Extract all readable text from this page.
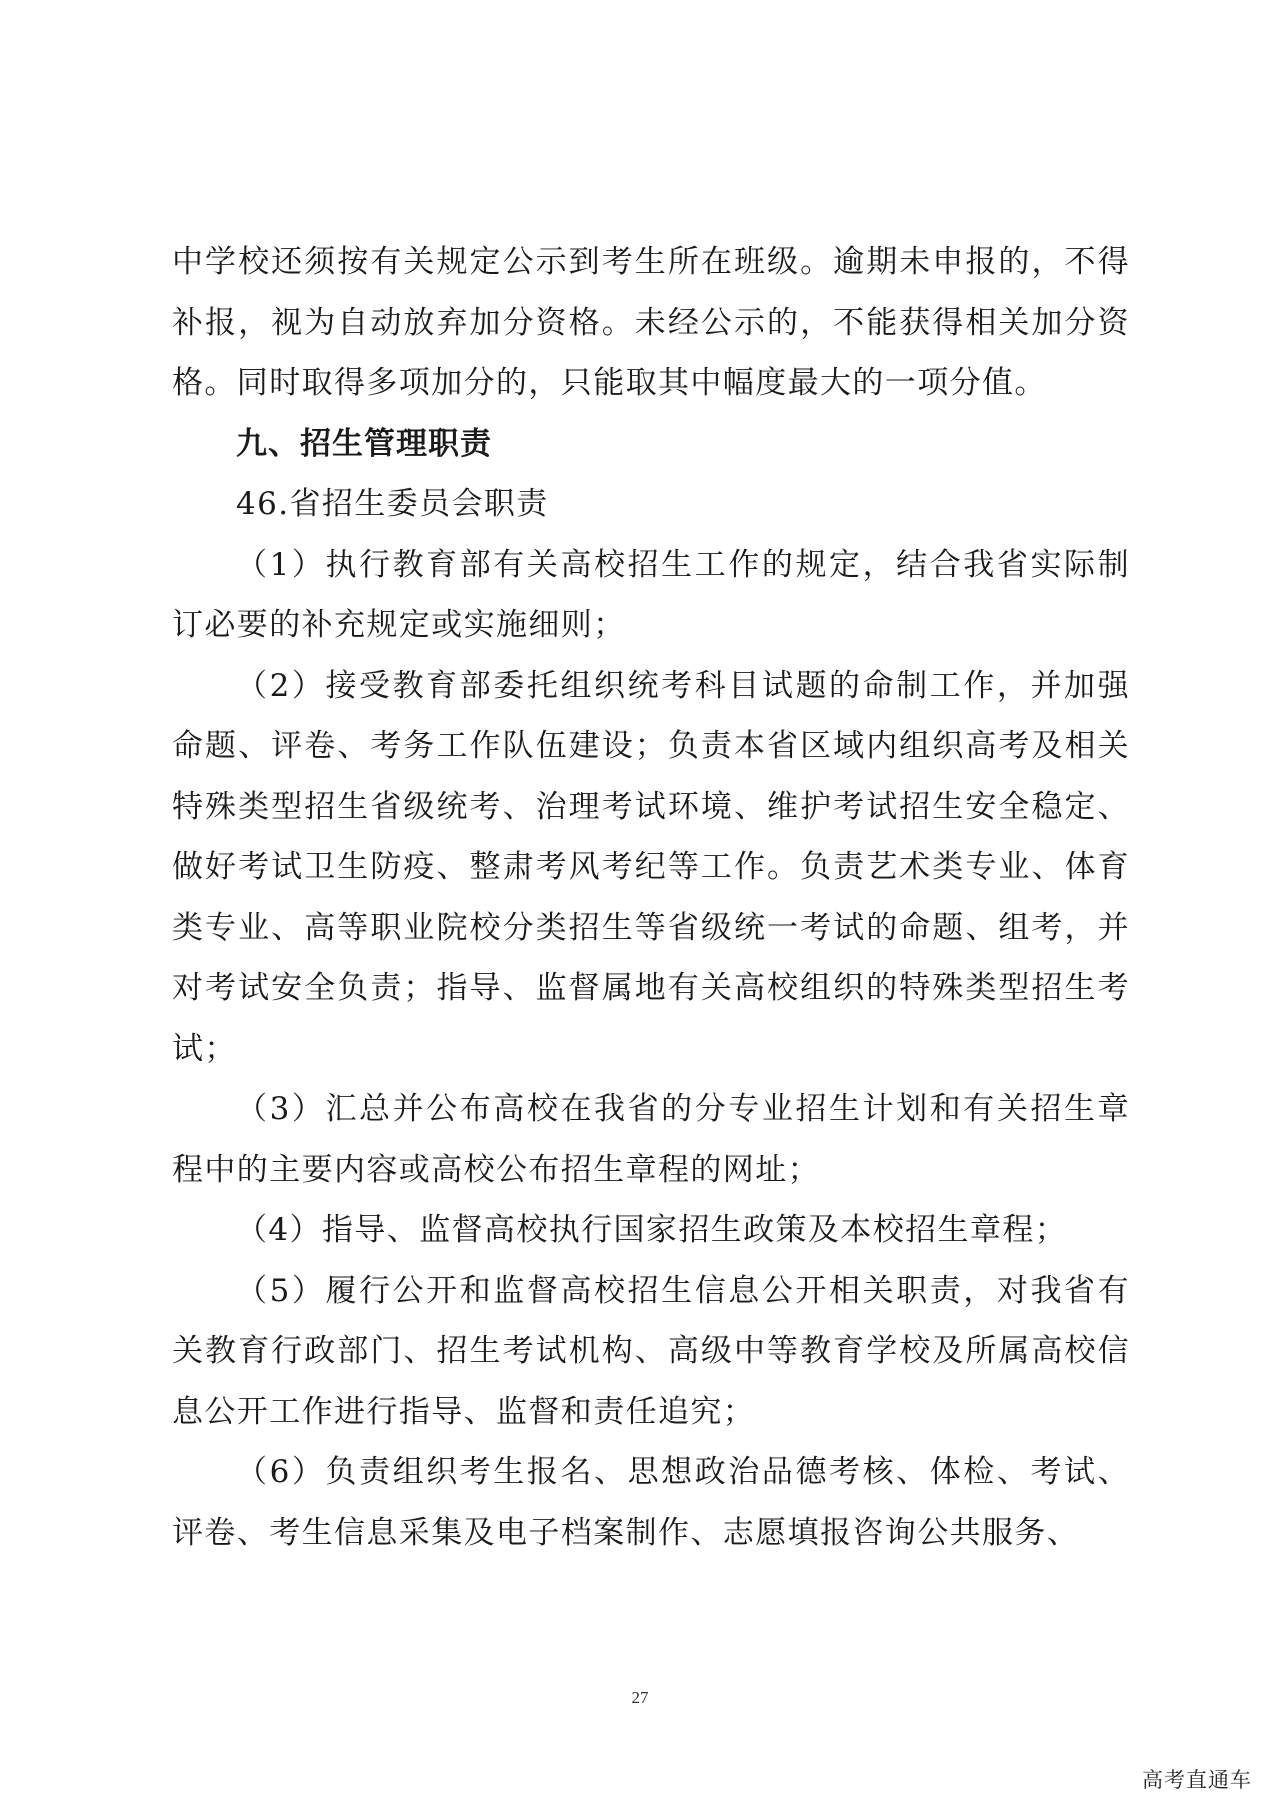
中学校还须按有关规定公示到考生所在班级。逾期未申报的，不得补报，视为自动放弃加分资格。未经公示的，不能获得相关加分资格。同时取得多项加分的，只能取其中幅度最大的一项分值。

九、招生管理职责

46.省招生委员会职责

（1）执行教育部有关高校招生工作的规定，结合我省实际制订必要的补充规定或实施细则；

（2）接受教育部委托组织统考科目试题的命制工作，并加强命题、评卷、考务工作队伍建设；负责本省区域内组织高考及相关特殊类型招生省级统考、治理考试环境、维护考试招生安全稳定、做好考试卫生防疫、整肃考风考纪等工作。负责艺术类专业、体育类专业、高等职业院校分类招生等省级统一考试的命题、组考，并对考试安全负责；指导、监督属地有关高校组织的特殊类型招生考试；

（3）汇总并公布高校在我省的分专业招生计划和有关招生章程中的主要内容或高校公布招生章程的网址；

（4）指导、监督高校执行国家招生政策及本校招生章程；

（5）履行公开和监督高校招生信息公开相关职责，对我省有关教育行政部门、招生考试机构、高级中等教育学校及所属高校信息公开工作进行指导、监督和责任追究；

（6）负责组织考生报名、思想政治品德考核、体检、考试、评卷、考生信息采集及电子档案制作、志愿填报咨询公共服务、

27
高考直通车
